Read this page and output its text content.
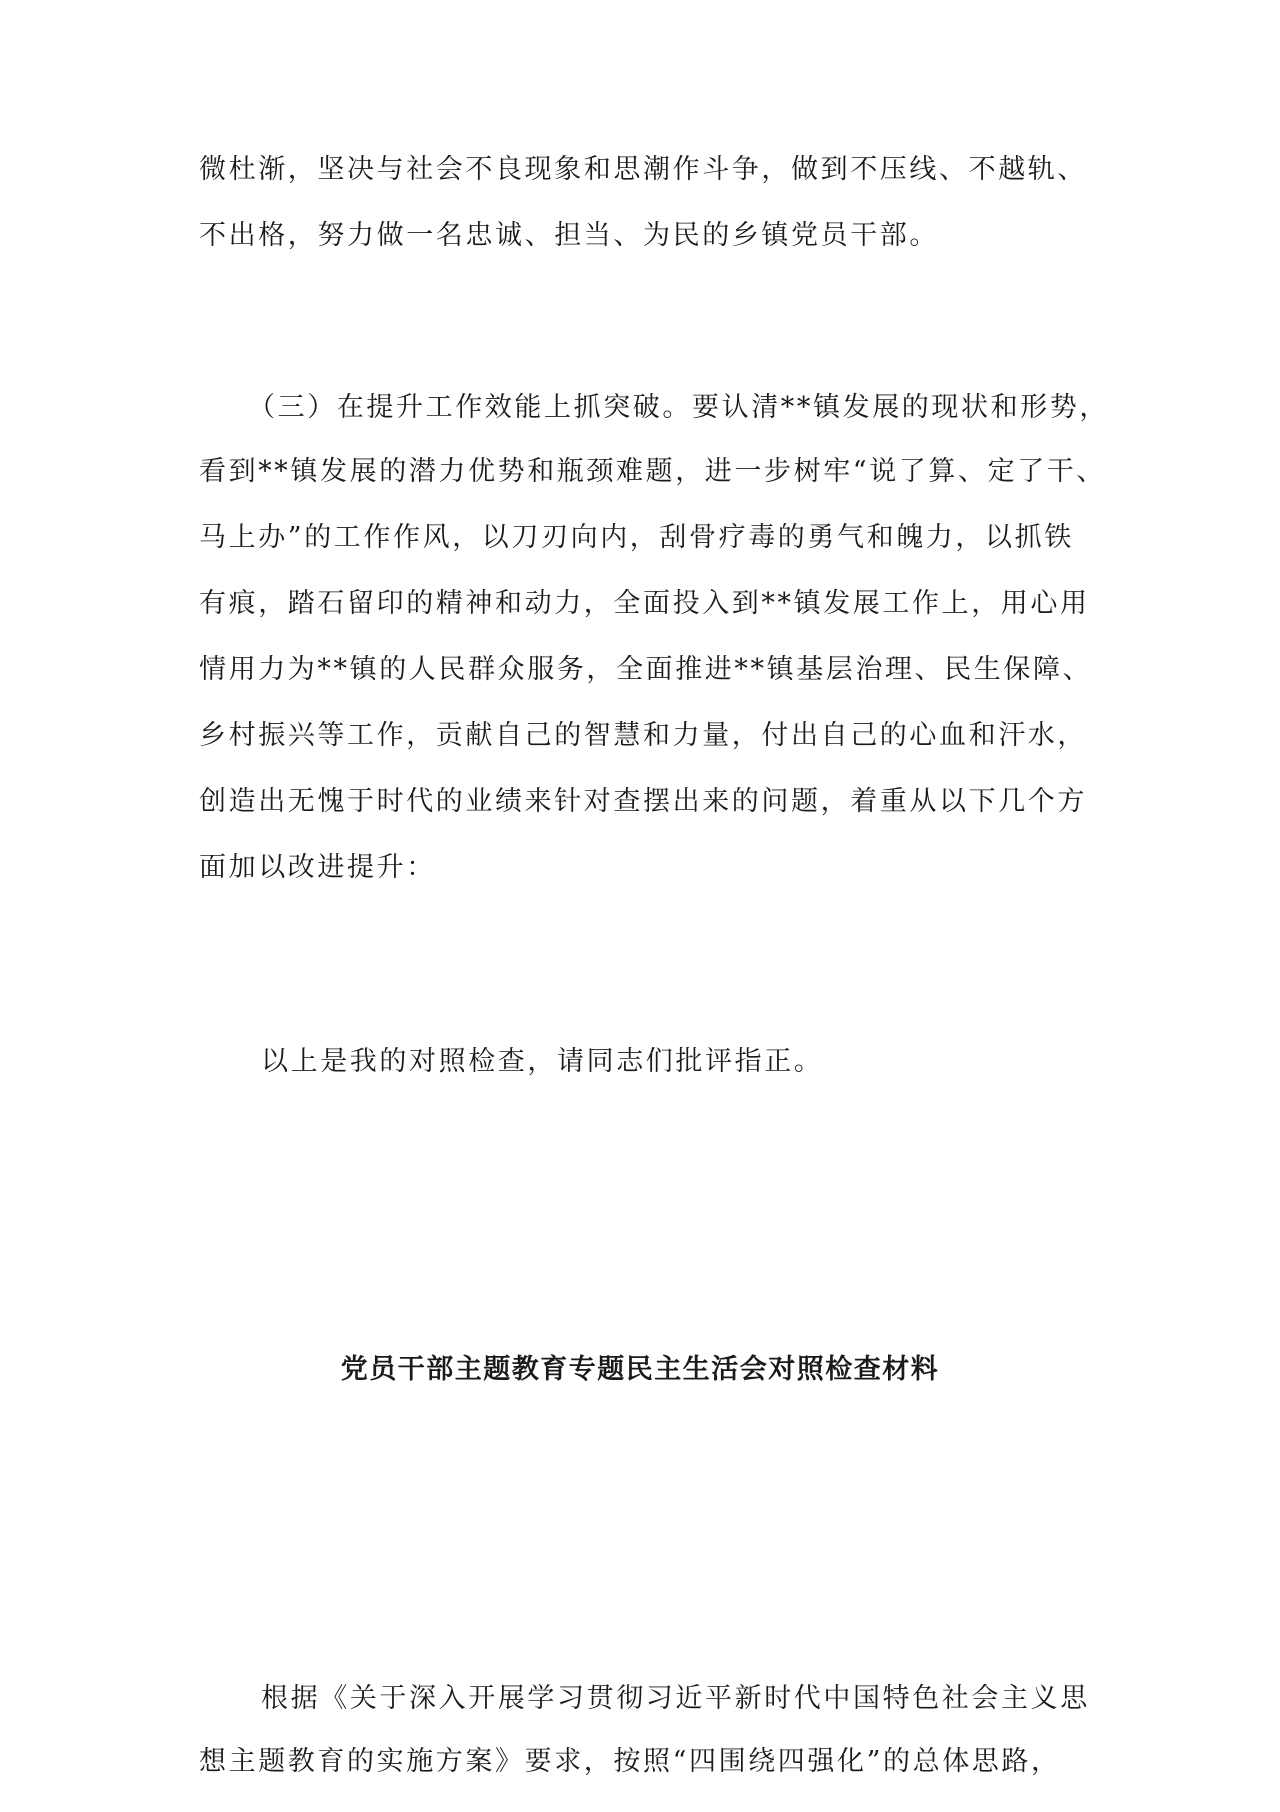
微杜渐，坚决与社会不良现象和思潮作斗争，做到不压线、不越轨、
不出格，努力做一名忠诚、担当、为民的乡镇党员干部。
（三）在提升工作效能上抓突破。要认清**镇发展的现状和形势，
看到**镇发展的潜力优势和瓶颈难题，进一步树牢“说了算、定了干、
马上办”的工作作风，以刀刃向内，刮骨疗毒的勇气和魄力，以抓铁
有痕，踏石留印的精神和动力，全面投入到**镇发展工作上，用心用
情用力为**镇的人民群众服务，全面推进**镇基层治理、民生保障、
乡村振兴等工作，贡献自己的智慧和力量，付出自己的心血和汗水，
创造出无愧于时代的业绩来针对查摆出来的问题，着重从以下几个方
面加以改进提升：
以上是我的对照检查，请同志们批评指正。
党员干部主题教育专题民主生活会对照检查材料
根据《关于深入开展学习贯彻习近平新时代中国特色社会主义思
想主题教育的实施方案》要求，按照“四围绕四强化”的总体思路，
